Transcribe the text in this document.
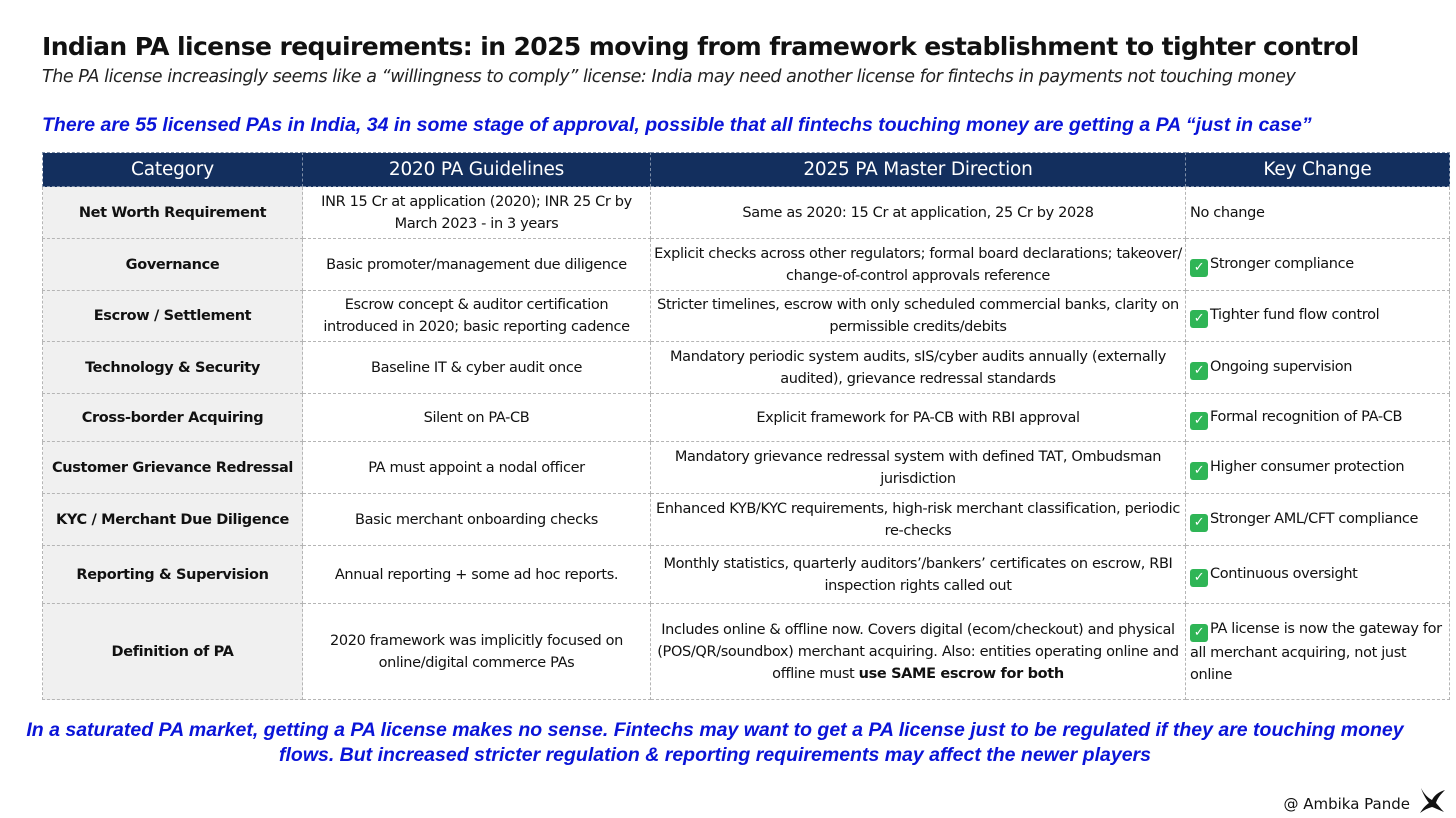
Indian PA license requirements: in 2025 moving from framework establishment to tighter control
The PA license increasingly seems like a “willingness to comply” license: India may need another license for fintechs in payments not touching money
There are 55 licensed PAs in India, 34 in some stage of approval, possible that all fintechs touching money are getting a PA “just in case”
Category	2020 PA Guidelines	2025 PA Master Direction	Key Change
Net Worth Requirement	INR 15 Cr at application (2020); INR 25 Cr by March 2023 - in 3 years	Same as 2020: 15 Cr at application, 25 Cr by 2028	No change
Governance	Basic promoter/management due diligence	Explicit checks across other regulators; formal board declarations; takeover/ change-of-control approvals reference	✓ Stronger compliance
Escrow / Settlement	Escrow concept & auditor certification introduced in 2020; basic reporting cadence	Stricter timelines, escrow with only scheduled commercial banks, clarity on permissible credits/debits	✓ Tighter fund flow control
Technology & Security	Baseline IT & cyber audit once	Mandatory periodic system audits, sIS/cyber audits annually (externally audited), grievance redressal standards	✓ Ongoing supervision
Cross-border Acquiring	Silent on PA-CB	Explicit framework for PA-CB with RBI approval	✓ Formal recognition of PA-CB
Customer Grievance Redressal	PA must appoint a nodal officer	Mandatory grievance redressal system with defined TAT, Ombudsman jurisdiction	✓ Higher consumer protection
KYC / Merchant Due Diligence	Basic merchant onboarding checks	Enhanced KYB/KYC requirements, high-risk merchant classification, periodic re-checks	✓ Stronger AML/CFT compliance
Reporting & Supervision	Annual reporting + some ad hoc reports.	Monthly statistics, quarterly auditors’/bankers’ certificates on escrow, RBI inspection rights called out	✓ Continuous oversight
Definition of PA	2020 framework was implicitly focused on online/digital commerce PAs	Includes online & offline now. Covers digital (ecom/checkout) and physical (POS/QR/soundbox) merchant acquiring. Also: entities operating online and offline must use SAME escrow for both	✓ PA license is now the gateway for all merchant acquiring, not just online
In a saturated PA market, getting a PA license makes no sense. Fintechs may want to get a PA license just to be regulated if they are touching money flows. But increased stricter regulation & reporting requirements may affect the newer players
@ Ambika Pande
